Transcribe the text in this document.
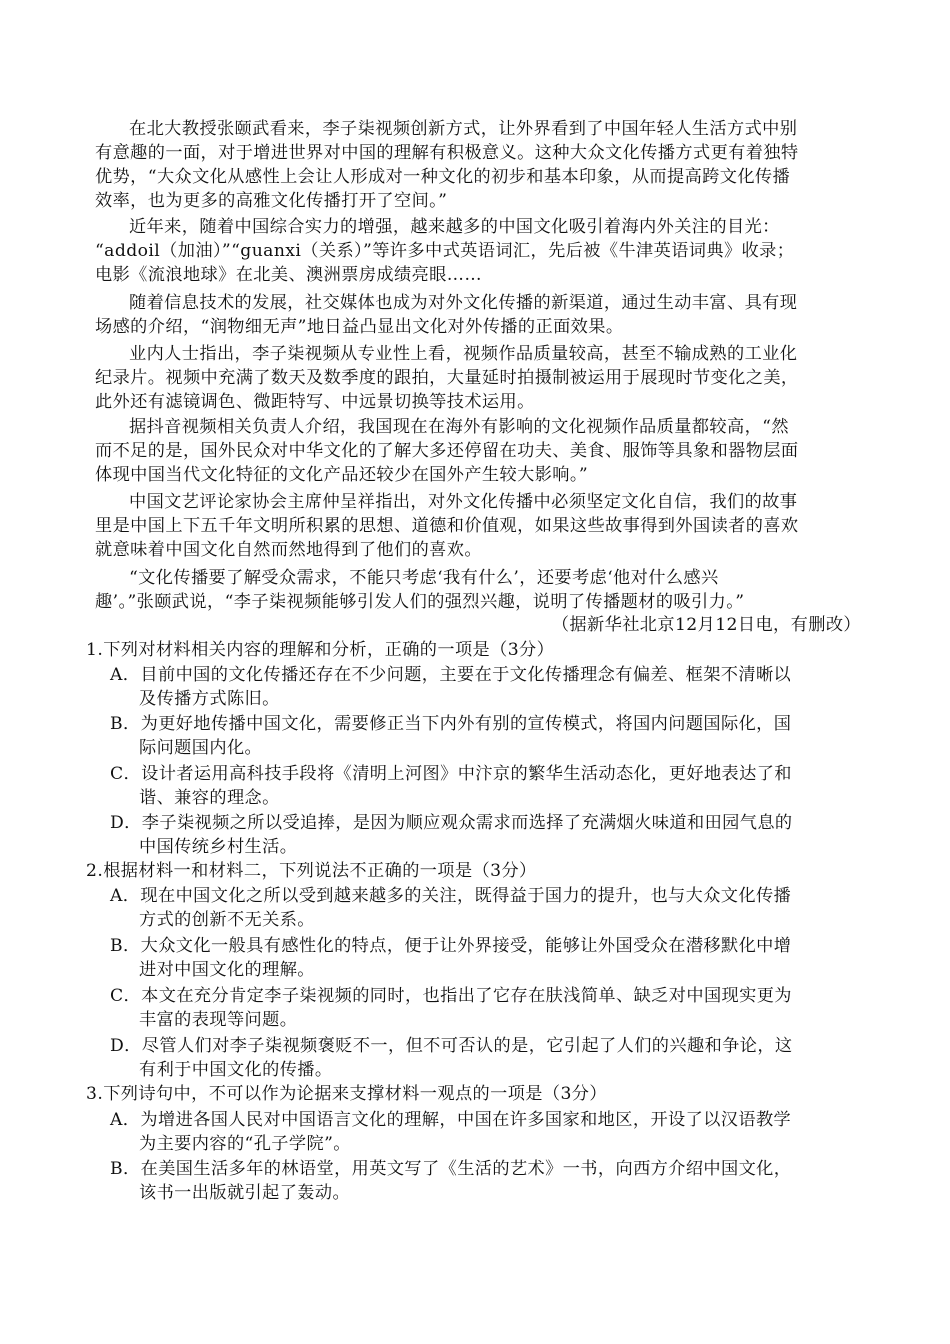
在北大教授张颐武看来，李子柒视频创新方式，让外界看到了中国年轻人生活方式中别
有意趣的一面，对于增进世界对中国的理解有积极意义。这种大众文化传播方式更有着独特
优势，“大众文化从感性上会让人形成对一种文化的初步和基本印象，从而提高跨文化传播
效率，也为更多的高雅文化传播打开了空间。”
近年来，随着中国综合实力的增强，越来越多的中国文化吸引着海内外关注的目光：
“addoil（加油）”“guanxi（关系）”等许多中式英语词汇，先后被《牛津英语词典》收录；
电影《流浪地球》在北美、澳洲票房成绩亮眼……
随着信息技术的发展，社交媒体也成为对外文化传播的新渠道，通过生动丰富、具有现
场感的介绍，“润物细无声”地日益凸显出文化对外传播的正面效果。
业内人士指出，李子柒视频从专业性上看，视频作品质量较高，甚至不输成熟的工业化
纪录片。视频中充满了数天及数季度的跟拍，大量延时拍摄制被运用于展现时节变化之美，
此外还有滤镜调色、微距特写、中远景切换等技术运用。
据抖音视频相关负责人介绍，我国现在在海外有影响的文化视频作品质量都较高，“然
而不足的是，国外民众对中华文化的了解大多还停留在功夫、美食、服饰等具象和器物层面
体现中国当代文化特征的文化产品还较少在国外产生较大影响。”
中国文艺评论家协会主席仲呈祥指出，对外文化传播中必须坚定文化自信，我们的故事
里是中国上下五千年文明所积累的思想、道德和价值观，如果这些故事得到外国读者的喜欢
就意味着中国文化自然而然地得到了他们的喜欢。
“文化传播要了解受众需求，不能只考虑‘我有什么’，还要考虑‘他对什么感兴
趣’。”张颐武说，“李子柒视频能够引发人们的强烈兴趣，说明了传播题材的吸引力。”
（据新华社北京12月12日电，有删改）
1.下列对材料相关内容的理解和分析，正确的一项是（3分）
A．目前中国的文化传播还存在不少问题，主要在于文化传播理念有偏差、框架不清晰以
及传播方式陈旧。
B．为更好地传播中国文化，需要修正当下内外有别的宣传模式，将国内问题国际化，国
际问题国内化。
C．设计者运用高科技手段将《清明上河图》中汴京的繁华生活动态化，更好地表达了和
谐、兼容的理念。
D．李子柒视频之所以受追捧，是因为顺应观众需求而选择了充满烟火味道和田园气息的
中国传统乡村生活。
2.根据材料一和材料二，下列说法不正确的一项是（3分）
A．现在中国文化之所以受到越来越多的关注，既得益于国力的提升，也与大众文化传播
方式的创新不无关系。
B．大众文化一般具有感性化的特点，便于让外界接受，能够让外国受众在潜移默化中增
进对中国文化的理解。
C．本文在充分肯定李子柒视频的同时，也指出了它存在肤浅简单、缺乏对中国现实更为
丰富的表现等问题。
D．尽管人们对李子柒视频褒贬不一，但不可否认的是，它引起了人们的兴趣和争论，这
有利于中国文化的传播。
3.下列诗句中，不可以作为论据来支撑材料一观点的一项是（3分）
A．为增进各国人民对中国语言文化的理解，中国在许多国家和地区，开设了以汉语教学
为主要内容的“孔子学院”。
B．在美国生活多年的林语堂，用英文写了《生活的艺术》一书，向西方介绍中国文化，
该书一出版就引起了轰动。
